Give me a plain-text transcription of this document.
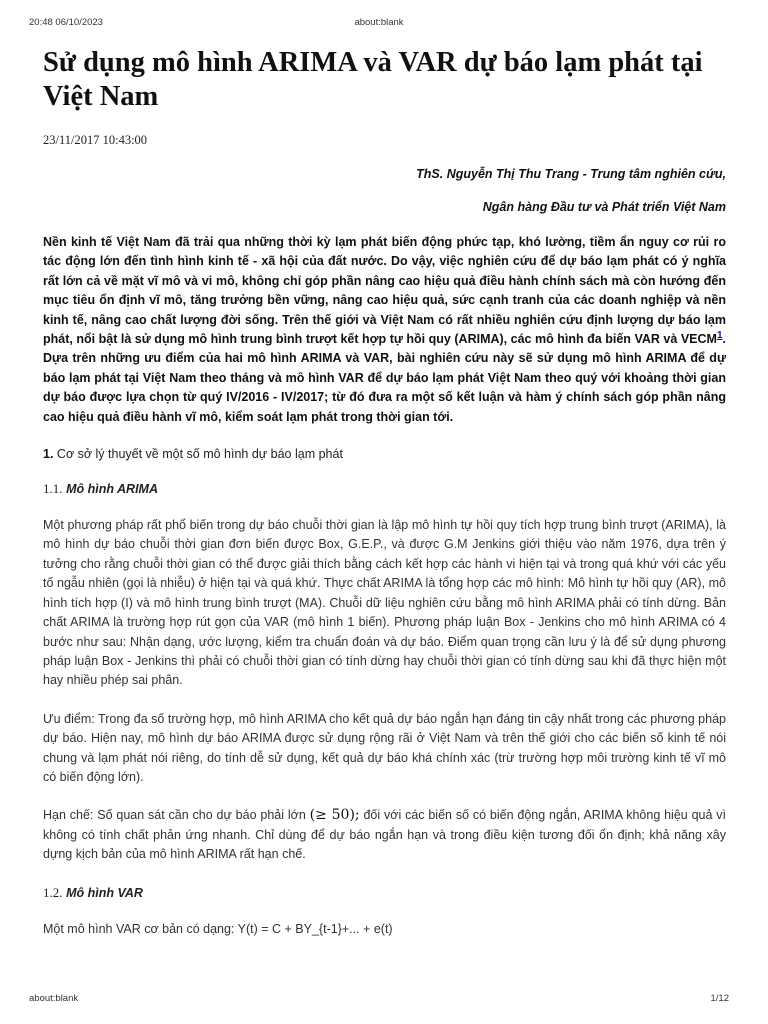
20:48 06/10/2023	about:blank
Sử dụng mô hình ARIMA và VAR dự báo lạm phát tại Việt Nam
23/11/2017 10:43:00
ThS. Nguyễn Thị Thu Trang - Trung tâm nghiên cứu,
Ngân hàng Đầu tư và Phát triển Việt Nam
Nền kinh tế Việt Nam đã trải qua những thời kỳ lạm phát biến động phức tạp, khó lường, tiềm ẩn nguy cơ rủi ro tác động lớn đến tình hình kinh tế - xã hội của đất nước. Do vậy, việc nghiên cứu để dự báo lạm phát có ý nghĩa rất lớn cả về mặt vĩ mô và vi mô, không chỉ góp phần nâng cao hiệu quả điều hành chính sách mà còn hướng đến mục tiêu ổn định vĩ mô, tăng trưởng bền vững, nâng cao hiệu quả, sức cạnh tranh của các doanh nghiệp và nền kinh tế, nâng cao chất lượng đời sống. Trên thế giới và Việt Nam có rất nhiều nghiên cứu định lượng dự báo lạm phát, nổi bật là sử dụng mô hình trung bình trượt kết hợp tự hồi quy (ARIMA), các mô hình đa biến VAR và VECM$^1$. Dựa trên những ưu điểm của hai mô hình ARIMA và VAR, bài nghiên cứu này sẽ sử dụng mô hình ARIMA để dự báo lạm phát tại Việt Nam theo tháng và mô hình VAR để dự báo lạm phát Việt Nam theo quý với khoảng thời gian dự báo được lựa chọn từ quý IV/2016 - IV/2017; từ đó đưa ra một số kết luận và hàm ý chính sách góp phần nâng cao hiệu quả điều hành vĩ mô, kiểm soát lạm phát trong thời gian tới.
1. Cơ sở lý thuyết về một số mô hình dự báo lạm phát
1.1. Mô hình ARIMA

Một phương pháp rất phổ biến trong dự báo chuỗi thời gian là lập mô hình tự hồi quy tích hợp trung bình trượt (ARIMA), là mô hình dự báo chuỗi thời gian đơn biến được Box, G.E.P., và được G.M Jenkins giới thiệu vào năm 1976, dựa trên ý tưởng cho rằng chuỗi thời gian có thể được giải thích bằng cách kết hợp các hành vi hiện tại và trong quá khứ với các yếu tố ngẫu nhiên (gọi là nhiễu) ở hiện tại và quá khứ. Thực chất ARIMA là tổng hợp các mô hình: Mô hình tự hồi quy (AR), mô hình tích hợp (I) và mô hình trung bình trượt (MA). Chuỗi dữ liệu nghiên cứu bằng mô hình ARIMA phải có tính dừng. Bản chất ARIMA là trường hợp rút gọn của VAR (mô hình 1 biến). Phương pháp luận Box - Jenkins cho mô hình ARIMA có 4 bước như sau: Nhận dạng, ước lượng, kiểm tra chuẩn đoán và dự báo. Điểm quan trọng cần lưu ý là để sử dụng phương pháp luận Box - Jenkins thì phải có chuỗi thời gian có tính dừng hay chuỗi thời gian có tính dừng sau khi đã thực hiện một hay nhiều phép sai phân.

Ưu điểm: Trong đa số trường hợp, mô hình ARIMA cho kết quả dự báo ngắn hạn đáng tin cậy nhất trong các phương pháp dự báo. Hiện nay, mô hình dự báo ARIMA được sử dụng rộng rãi ở Việt Nam và trên thế giới cho các biến số kinh tế nói chung và lạm phát nói riêng, do tính dễ sử dụng, kết quả dự báo khá chính xác (trừ trường hợp môi trường kinh tế vĩ mô có biến động lớn).

Hạn chế: Số quan sát cần cho dự báo phải lớn (≥ 50); đối với các biến số có biến động ngắn, ARIMA không hiệu quả vì không có tính chất phản ứng nhanh. Chỉ dùng để dự báo ngắn hạn và trong điều kiện tương đối ổn định; khả năng xây dựng kịch bản của mô hình ARIMA rất hạn chế.

1.2. Mô hình VAR

Một mô hình VAR cơ bản có dạng: Y(t) = C + BY_{t-1}+... + e(t)

about:blank	1/12
